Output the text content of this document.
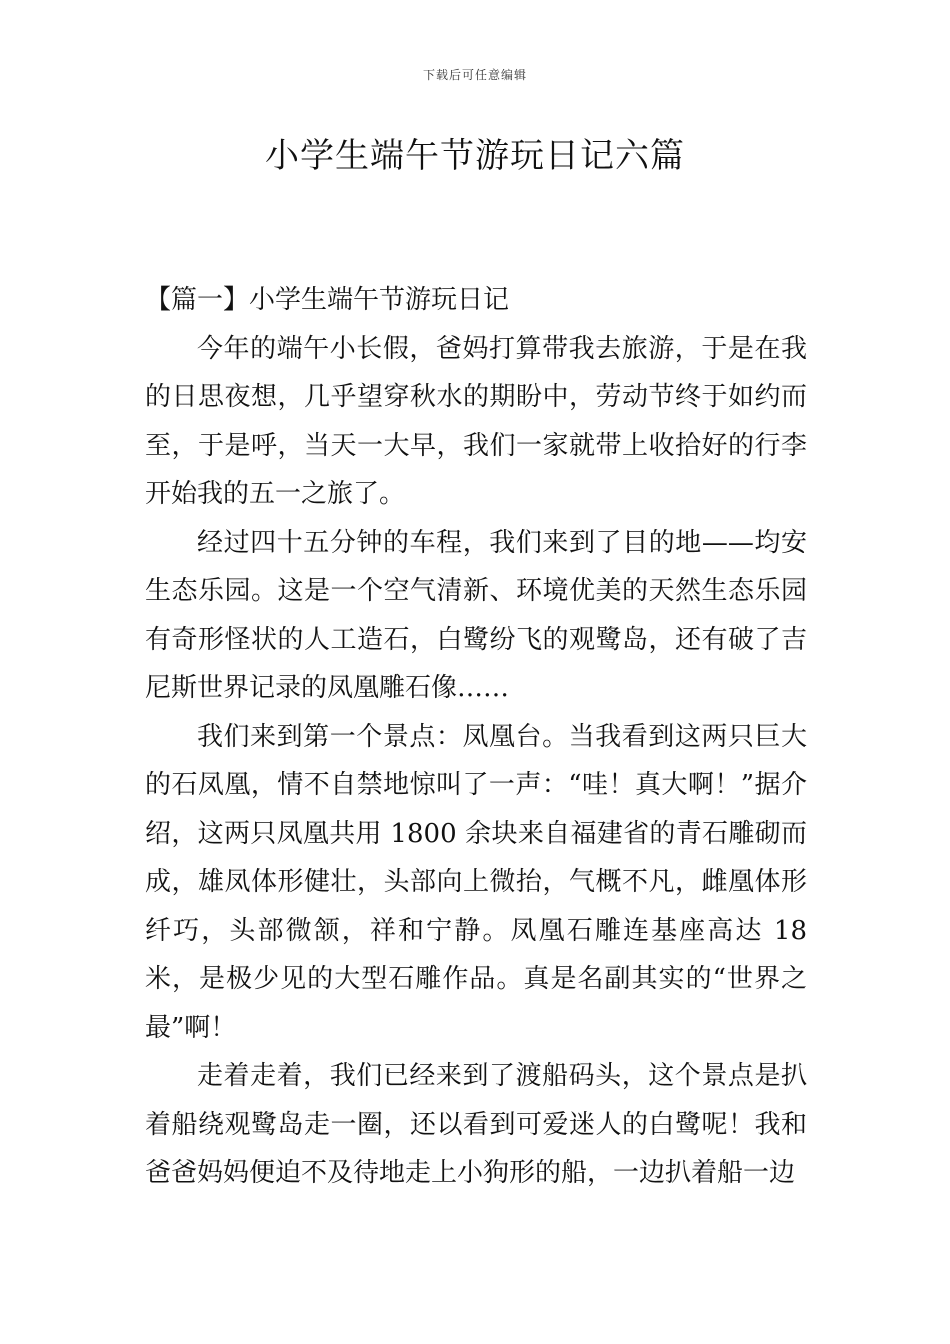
下载后可任意编辑
小学生端午节游玩日记六篇
【篇一】小学生端午节游玩日记

今年的端午小长假，爸妈打算带我去旅游，于是在我的日思夜想，几乎望穿秋水的期盼中，劳动节终于如约而至，于是呼，当天一大早，我们一家就带上收拾好的行李开始我的五一之旅了。

经过四十五分钟的车程，我们来到了目的地——均安生态乐园。这是一个空气清新、环境优美的天然生态乐园有奇形怪状的人工造石，白鹭纷飞的观鹭岛，还有破了吉尼斯世界记录的凤凰雕石像……

我们来到第一个景点：凤凰台。当我看到这两只巨大的石凤凰，情不自禁地惊叫了一声：“哇！真大啊！”据介绍，这两只凤凰共用 1800 余块来自福建省的青石雕砌而成，雄凤体形健壮，头部向上微抬，气概不凡，雌凰体形纤巧，头部微颔，祥和宁静。凤凰石雕连基座高达 18 米，是极少见的大型石雕作品。真是名副其实的“世界之最”啊！

走着走着，我们已经来到了渡船码头，这个景点是扒着船绕观鹭岛走一圈，还以看到可爱迷人的白鹭呢！我和爸爸妈妈便迫不及待地走上小狗形的船，一边扒着船一边
